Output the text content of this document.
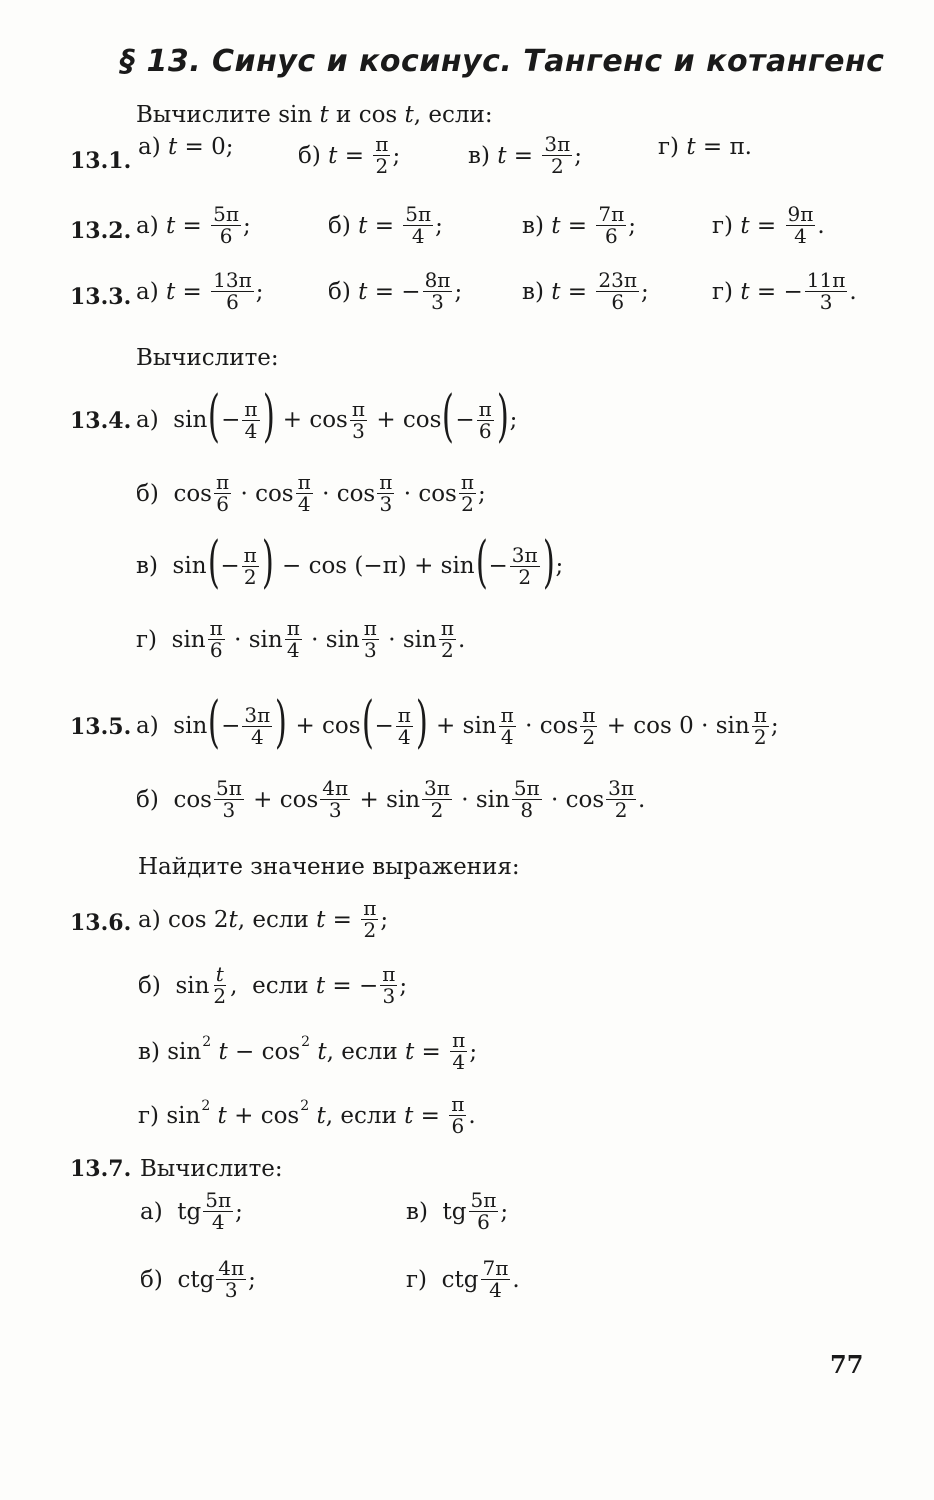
§ 13. Синус и косинус. Тангенс и котангенс
Вычислите sin t и cos t, если:
13.1.
а) t = 0;	б) $t = \frac{\pi}{2}$ ;	в) $t = \frac{3\pi}{2}$ ;	г) t = π.
13.2. а) $t = \frac{5\pi}{6}$ ;	б) $t = \frac{5\pi}{4}$ ;	в) $t = \frac{7\pi}{6}$ ;	г) $t = \frac{9\pi}{4}$ .
13.3. а) $t = \frac{13\pi}{6}$ ;	б) t = − $\frac{8\pi}{3}$ ;	в) $t = \frac{23\pi}{6}$ ;	г) t = − $\frac{11\pi}{3}$ .
Вычислите:
13.4. а)  sin ( − $\frac{\pi}{4}$ ) + $\cos \frac{\pi}{3} + \cos$ ( − $\frac{\pi}{6}$ ) ;
б)  $\cos \frac{\pi}{6} \cdot \cos \frac{\pi}{4} \cdot \cos \frac{\pi}{3} \cdot \cos \frac{\pi}{2}$ ;
в)  sin ( − $\frac{\pi}{2}$ ) − cos (−π) + sin ( − $\frac{3\pi}{2}$ ) ;
г)  $\sin \frac{\pi}{6} \cdot \sin \frac{\pi}{4} \cdot \sin \frac{\pi}{3} \cdot \sin \frac{\pi}{2}$ .
13.5. а)  sin ( − $\frac{3\pi}{4}$ ) + cos ( − $\frac{\pi}{4}$ ) + $\sin \frac{\pi}{4} \cdot \cos \frac{\pi}{2} + \cos 0 \cdot \sin \frac{\pi}{2}$ ;
б)  $\cos \frac{5\pi}{3} + \cos \frac{4\pi}{3} + \sin \frac{3\pi}{2} \cdot \sin \frac{5\pi}{8} \cdot \cos \frac{3\pi}{2}$ .
Найдите значение выражения:
13.6. а) cos 2 t , если $t = \frac{\pi}{2}$ ;
б)  $\sin \frac{t}{2}$ ,  если t = − $\frac{\pi}{3}$ ;
в) sin 2
t − cos 2
t , если $t = \frac{\pi}{4}$ ;
г) sin 2
t + cos 2
t , если $t = \frac{\pi}{6}$ .
13.7. Вычислите:
а)  tg $\frac{5\pi}{4}$ ;	в)  tg $\frac{5\pi}{6}$ ;
б)  ctg $\frac{4\pi}{3}$ ;	г)  ctg $\frac{7\pi}{4}$ .
77
